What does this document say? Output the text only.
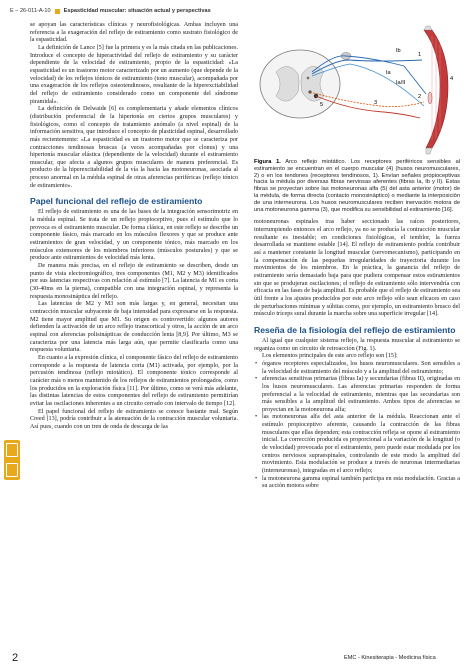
E – 26-011-A-10 Espasticidad muscular: situación actual y perspectivas

se apoyan las características clínicas y neurofisiológicas. Ambas incluyen una referencia a la exageración del reflejo de estiramiento como sustrato fisiológico de la espasticidad.

La definición de Lance [5] fue la primera y es la más citada en las publicaciones. Introduce el concepto de hiperactividad del reflejo de estiramiento y su carácter dependiente de la velocidad de estiramiento, propio de la espasticidad: «La espasticidad es un trastorno motor caracterizado por un aumento (que depende de la velocidad) de los reflejos tónicos de estiramiento (tono muscular), acompañada por una exageración de los reflejos osteotendinosos, resultante de la hiperexcitabilidad del reflejo de estiramiento considerado como un componente del síndrome piramidal».

La definición de Delwaide [6] es complementaria y añade elementos clínicos (distribución preferencial de la hipertonía en ciertos grupos musculares) y fisiológicos, como el concepto de tratamiento anómalo (a nivel espinal) de la información sensitiva, que introduce el concepto de plasticidad espinal, desarrollado más recientemente: «La espasticidad es un trastorno motor que se caracteriza por contracciones tendinosas bruscas (a veces acompañadas por clonus) y una hipertonía muscular elástica (dependiente de la velocidad) durante el estiramiento muscular, que afecta a algunos grupos musculares de manera preferencial. Es producto de la hiperexcitabilidad de la vía la hacia las motoneuronas, asociada al proceso anormal en la médula espinal de otras aferencias periféricas (reflejo tónico de estiramiento».

Papel funcional del reflejo de estiramiento

El reflejo de estiramiento es una de las bases de la integración sensorimotriz en la médula espinal. Se trata de un reflejo propioceptivo, pues el estímulo que lo provoca es el estiramiento muscular. De forma clásica, en este reflejo se describe un componente fásico, más marcado en los músculos flexores y que se produce ante estiramientos de gran velocidad, y un componente tónico, más marcado en los músculos extensores de los miembros inferiores (músculos posturales) y que se produce ante estiramientos de velocidad más lenta.

De manera más precisa, en el reflejo de estiramiento se describen, desde un punto de vista electromiográfico, tres componentes (M1, M2 y M3) identificados por sus latencias respectivas con relación al estímulo [7]. La latencia de M1 es corta (30-40ms en la pierna), compatible con una integración espinal, y representa la respuesta monosináptica del reflejo.

Las latencias de M2 y M3 son más largas y, en general, necesitan una contracción muscular subyacente de baja intensidad para expresarse en la respuesta. M2 tiene mayor amplitud que M1. Su origen es controvertido: algunos autores defienden la activación de un arco reflejo transcortical y otros, la acción de un arco espinal con aferencias polisinápticas de conducción lenta [8,9]. Por último, M3 se caracteriza por una latencia más larga aún, que permite clasificarla como una respuesta voluntaria.

En cuanto a la expresión clínica, el componente fásico del reflejo de estiramiento corresponde a la respuesta de latencia corta (M1) activada, por ejemplo, por la percusión tendinosa (reflejo miotático). El componente tónico corresponde al carácter más o menos mantenido de los reflejos de estiramientos prolongados, como los producidos en la exploración física [11]. Por último, como se verá más adelante, las distintas latencias de estos componentes del reflejo de estiramiento permitirían evitar las oscilaciones inherentes a un circuito cerrado con intervalo de tiempo [12].

El papel funcional del reflejo de estiramiento se conoce bastante mal. Según Creed [13], podría contribuir a la atenuación de la contracción muscular voluntaria. Así pues, cuando con un tren de onda de descarga de las

Ib
Ia
Ia/II
1
2
3
4
5
Figura 1. Arco reflejo miotático. Los receptores periféricos sensibles al estiramiento se encuentran en el cuerpo muscular (4) (husos neuromusculares, 2) o en los tendones (receptores tendinosos, 1). Envían señales propioceptivas hacia la médula por diversas fibras nerviosas aferentes (fibras Ia, Ib y II). Estas fibras se proyectan sobre las motoneuronas alfa (5) del asta anterior (motor) de la médula, de forma directa (contacto monosináptico) o mediante la interposición de una interneurona. Los husos neuromusculares reciben inervación motora de una motoneurona gamma (3), que modifica su sensibilidad al estiramiento [16].

motoneuronas espinales tras haber seccionado las raíces posteriores, interrumpiendo entonces el arco reflejo, ya no se producía la contracción muscular resultante es inestable; en condiciones fisiológicas, el temblor, la fuerza desarrollada se mantiene estable [14]. El reflejo de estiramiento podría contribuir así a mantener constante la longitud muscular (servomecanismo), participando en la compensación de las pequeñas irregularidades de trayectoria durante los movimientos de los miembros. En la práctica, la ganancia del reflejo de estiramiento sería demasiado baja para que pudiera compensar estos estiramientos sin que se produjeran oscilaciones; el reflejo de estiramiento sólo intervendría con eficacia en las fases de baja amplitud. Es probable que el reflejo de estiramiento sea útil frente a los ajustes producidos por este arco reflejo sólo sean eficaces en caso de perturbaciones mínimas y súbitas como, por ejemplo, un estiramiento brusco del músculo tríceps sural durante la marcha sobre una superficie irregular [14].

Reseña de la fisiología del reflejo de estiramiento

Al igual que cualquier sistema reflejo, la respuesta muscular al estiramiento se organiza como un circuito de retroacción (Fig. 1).

Los elementos principales de este arco reflejo son [15]:

• órganos receptores especializados, los husos neuromusculares. Son sensibles a la velocidad de estiramiento del músculo y a la amplitud del estiramiento;
• aferencias sensitivas primarias (fibras Ia) y secundarias (fibras II), originadas en los husos neuromusculares. Las aferencias primarias responden de forma preferencial a la velocidad de estiramiento, mientras que las secundarias son más sensibles a la amplitud del estiramiento. Ambos tipos de aferencias se proyectan en la motoneurona alfa;
• las motoneuronas alfa del asta anterior de la médula. Reaccionan ante el estímulo propioceptivo aferente, causando la contracción de las fibras musculares que ellas dependen; esta contracción refleja se opone al estiramiento inicial. La corrección producida es proporcional a la variación de la longitud (o de velocidad) provocada por el estiramiento, pero puede estar modulada por los centros nerviosos supraespinales, controlando de este modo la amplitud del movimiento. Esta modulación se produce a través de neuronas intermediarias (interneuronas), integradas en el arco reflejo;
• la motoneurona gamma espinal también participa en esta modulación. Gracias a su acción motora sobre
2	EMC - Kinesiterapia - Medicina física
